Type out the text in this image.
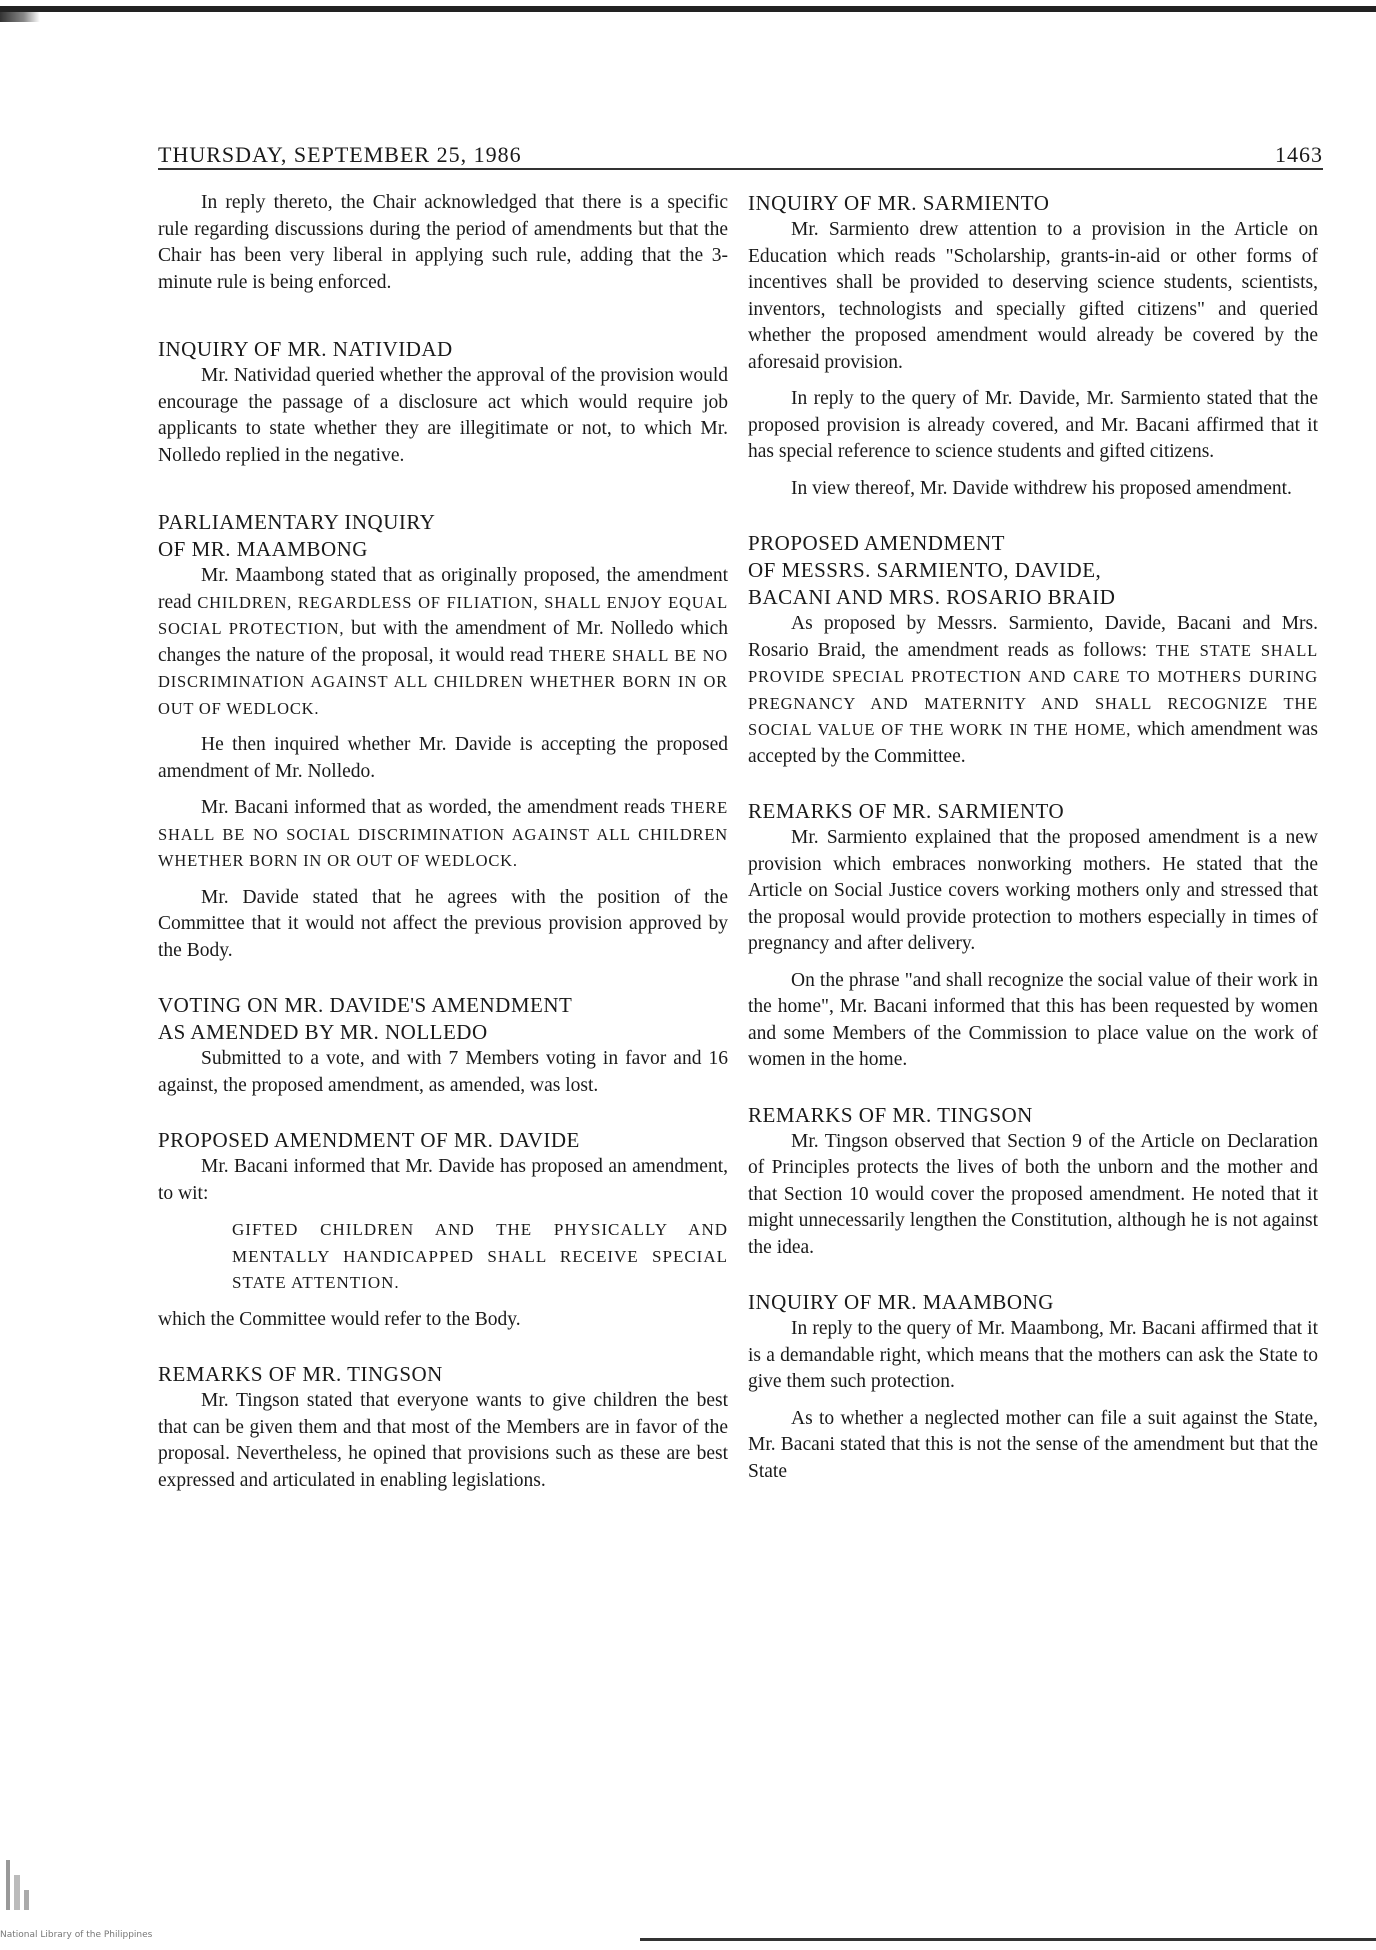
THURSDAY, SEPTEMBER 25, 1986	1463

In reply thereto, the Chair acknowledged that there is a specific rule regarding discussions during the period of amendments but that the Chair has been very liberal in applying such rule, adding that the 3-minute rule is being enforced.

INQUIRY OF MR. NATIVIDAD

Mr. Natividad queried whether the approval of the provision would encourage the passage of a disclosure act which would require job applicants to state whether they are illegitimate or not, to which Mr. Nolledo replied in the negative.

PARLIAMENTARY INQUIRY
OF MR. MAAMBONG

Mr. Maambong stated that as originally proposed, the amendment read CHILDREN, REGARDLESS OF FILIATION, SHALL ENJOY EQUAL SOCIAL PROTECTION, but with the amendment of Mr. Nolledo which changes the nature of the proposal, it would read THERE SHALL BE NO DISCRIMINATION AGAINST ALL CHILDREN WHETHER BORN IN OR OUT OF WEDLOCK.

He then inquired whether Mr. Davide is accepting the proposed amendment of Mr. Nolledo.

Mr. Bacani informed that as worded, the amendment reads THERE SHALL BE NO SOCIAL DISCRIMINATION AGAINST ALL CHILDREN WHETHER BORN IN OR OUT OF WEDLOCK.

Mr. Davide stated that he agrees with the position of the Committee that it would not affect the previous provision approved by the Body.

VOTING ON MR. DAVIDE'S AMENDMENT
AS AMENDED BY MR. NOLLEDO

Submitted to a vote, and with 7 Members voting in favor and 16 against, the proposed amendment, as amended, was lost.

PROPOSED AMENDMENT OF MR. DAVIDE

Mr. Bacani informed that Mr. Davide has proposed an amendment, to wit:

GIFTED CHILDREN AND THE PHYSICALLY AND MENTALLY HANDICAPPED SHALL RECEIVE SPECIAL STATE ATTENTION.

which the Committee would refer to the Body.

REMARKS OF MR. TINGSON

Mr. Tingson stated that everyone wants to give children the best that can be given them and that most of the Members are in favor of the proposal. Nevertheless, he opined that provisions such as these are best expressed and articulated in enabling legislations.

INQUIRY OF MR. SARMIENTO

Mr. Sarmiento drew attention to a provision in the Article on Education which reads "Scholarship, grants-in-aid or other forms of incentives shall be provided to deserving science students, scientists, inventors, technologists and specially gifted citizens" and queried whether the proposed amendment would already be covered by the aforesaid provision.

In reply to the query of Mr. Davide, Mr. Sarmiento stated that the proposed provision is already covered, and Mr. Bacani affirmed that it has special reference to science students and gifted citizens.

In view thereof, Mr. Davide withdrew his proposed amendment.

PROPOSED AMENDMENT
OF MESSRS. SARMIENTO, DAVIDE,
BACANI AND MRS. ROSARIO BRAID

As proposed by Messrs. Sarmiento, Davide, Bacani and Mrs. Rosario Braid, the amendment reads as follows: THE STATE SHALL PROVIDE SPECIAL PROTECTION AND CARE TO MOTHERS DURING PREGNANCY AND MATERNITY AND SHALL RECOGNIZE THE SOCIAL VALUE OF THE WORK IN THE HOME, which amendment was accepted by the Committee.

REMARKS OF MR. SARMIENTO

Mr. Sarmiento explained that the proposed amendment is a new provision which embraces nonworking mothers. He stated that the Article on Social Justice covers working mothers only and stressed that the proposal would provide protection to mothers especially in times of pregnancy and after delivery.

On the phrase "and shall recognize the social value of their work in the home", Mr. Bacani informed that this has been requested by women and some Members of the Commission to place value on the work of women in the home.

REMARKS OF MR. TINGSON

Mr. Tingson observed that Section 9 of the Article on Declaration of Principles protects the lives of both the unborn and the mother and that Section 10 would cover the proposed amendment. He noted that it might unnecessarily lengthen the Constitution, although he is not against the idea.

INQUIRY OF MR. MAAMBONG

In reply to the query of Mr. Maambong, Mr. Bacani affirmed that it is a demandable right, which means that the mothers can ask the State to give them such protection.

As to whether a neglected mother can file a suit against the State, Mr. Bacani stated that this is not the sense of the amendment but that the State

National Library of the Philippines
